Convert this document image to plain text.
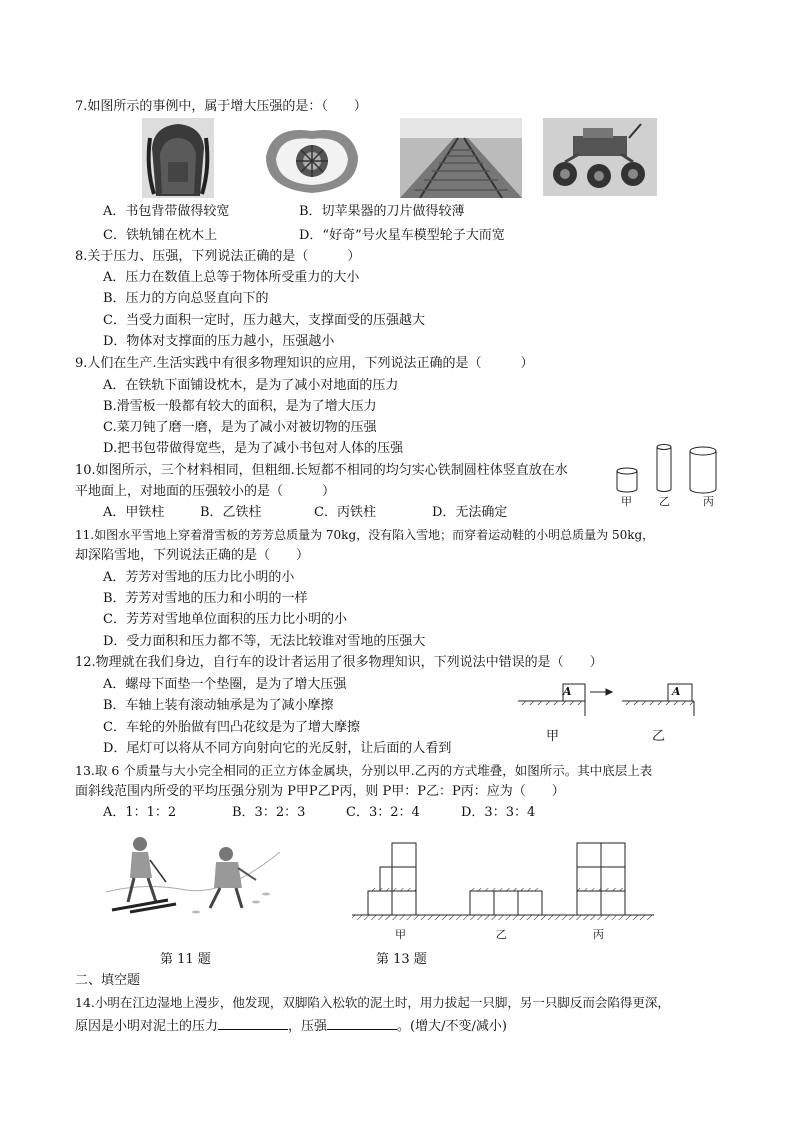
7.如图所示的事例中，属于增大压强的是：（　　）
A．书包背带做得较宽	B．切苹果器的刀片做得较薄
C．铁轨铺在枕木上	D．“好奇”号火星车模型轮子大而宽
8.关于压力、压强，下列说法正确的是（　　　）
A．压力在数值上总等于物体所受重力的大小
B．压力的方向总竖直向下的
C．当受力面积一定时，压力越大，支撑面受的压强越大
D．物体对支撑面的压力越小，压强越小
9.人们在生产.生活实践中有很多物理知识的应用，下列说法正确的是（　　　）
A．在铁轨下面铺设枕木，是为了减小对地面的压力
B.滑雪板一般都有较大的面积，是为了增大压力
C.菜刀钝了磨一磨，是为了减小对被切物的压强
D.把书包带做得宽些，是为了减小书包对人体的压强
10.如图所示，三个材料相同，但粗细.长短都不相同的均匀实心铁制圆柱体竖直放在水
平地面上，对地面的压强较小的是（　　　）
A．甲铁柱	B．乙铁柱	C．丙铁柱	D．无法确定
甲 乙	丙
11.如图水平雪地上穿着滑雪板的芳芳总质量为 70kg，没有陷入雪地；而穿着运动鞋的小明总质量为 50kg，
却深陷雪地，下列说法正确的是（　　）
A．芳芳对雪地的压力比小明的小
B．芳芳对雪地的压力和小明的一样
C．芳芳对雪地单位面积的压力比小明的小
D．受力面积和压力都不等，无法比较谁对雪地的压强大
12.物理就在我们身边，自行车的设计者运用了很多物理知识，下列说法中错误的是（　　）
A．螺母下面垫一个垫圈，是为了增大压强
B．车轴上装有滚动轴承是为了减小摩擦
C．车轮的外胎做有凹凸花纹是为了增大摩擦
D．尾灯可以将从不同方向射向它的光反射，让后面的人看到
A	A
甲	乙
13.取 6 个质量与大小完全相同的正立方体金属块，分别以甲.乙丙的方式堆叠，如图所示。其中底层上表
面斜线范围内所受的平均压强分别为 P甲P乙P丙，则 P甲：P乙：P丙：应为（　　）
A．1：1：2	B．3：2：3	C．3：2：4	D．3：3：4
第 11 题
甲	乙	丙
第 13 题
二、填空题
14.小明在江边湿地上漫步，他发现，双脚陷入松软的泥土时，用力拔起一只脚，另一只脚反而会陷得更深，
原因是小明对泥土的压力	，压强	。(增大/不变/减小)
